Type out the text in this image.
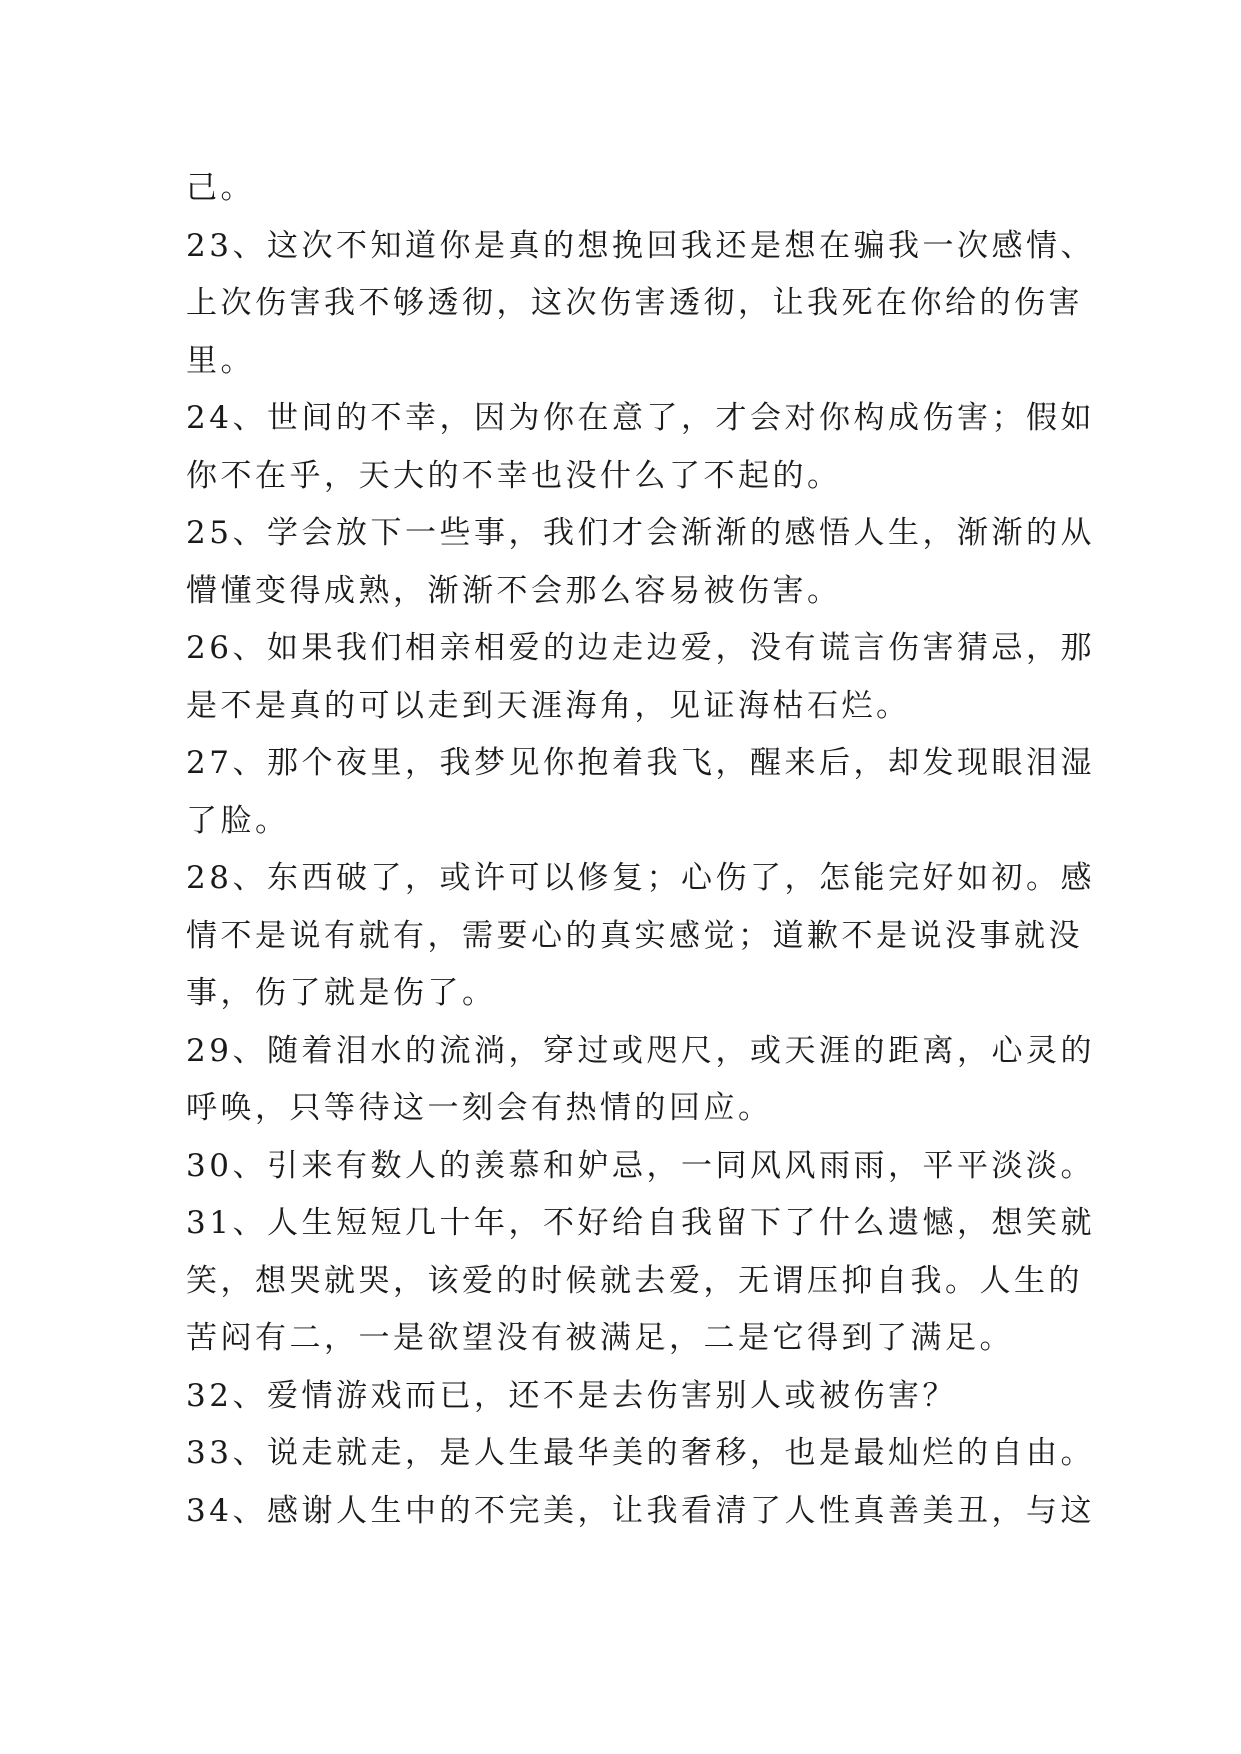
己。
23、这次不知道你是真的想挽回我还是想在骗我一次感情、
上次伤害我不够透彻，这次伤害透彻，让我死在你给的伤害
里。
24、世间的不幸，因为你在意了，才会对你构成伤害；假如
你不在乎，天大的不幸也没什么了不起的。
25、学会放下一些事，我们才会渐渐的感悟人生，渐渐的从
懵懂变得成熟，渐渐不会那么容易被伤害。
26、如果我们相亲相爱的边走边爱，没有谎言伤害猜忌，那
是不是真的可以走到天涯海角，见证海枯石烂。
27、那个夜里，我梦见你抱着我飞，醒来后，却发现眼泪湿
了脸。
28、东西破了，或许可以修复；心伤了，怎能完好如初。感
情不是说有就有，需要心的真实感觉；道歉不是说没事就没
事，伤了就是伤了。
29、随着泪水的流淌，穿过或咫尺，或天涯的距离，心灵的
呼唤，只等待这一刻会有热情的回应。
30、引来有数人的羡慕和妒忌，一同风风雨雨，平平淡淡。
31、人生短短几十年，不好给自我留下了什么遗憾，想笑就
笑，想哭就哭，该爱的时候就去爱，无谓压抑自我。人生的
苦闷有二，一是欲望没有被满足，二是它得到了满足。
32、爱情游戏而已，还不是去伤害别人或被伤害？
33、说走就走，是人生最华美的奢移，也是最灿烂的自由。
34、感谢人生中的不完美，让我看清了人性真善美丑，与这
